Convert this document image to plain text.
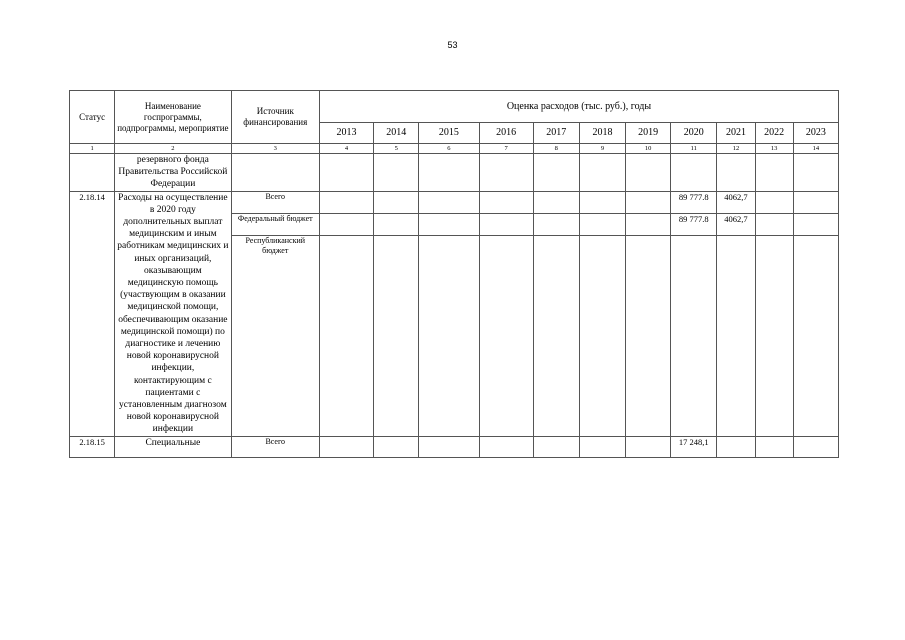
53
Статус	Наименование госпрограммы, подпрограммы, мероприятие	Источник финансирования	Оценка расходов (тыс. руб.), годы										
			2013	2014	2015	2016	2017	2018	2019	2020	2021	2022	2023
1	2	3	4	5	6	7	8	9	10	11	12	13	14
	резервного фонда Правительства Российской Федерации												
2.18.14	Расходы на осуществление в 2020 году дополнительных выплат медицинским и иным работникам медицинских и иных организаций, оказывающим медицинскую помощь (участвующим в оказании медицинской помощи, обеспечивающим оказание медицинской помощи) по диагностике и лечению новой коронавирусной инфекции, контактирующим с пациентами с установленным диагнозом новой коронавирусной инфекции	Всего								89 777.8	4062,7		
		Федеральный бюджет								89 777.8	4062,7		
		Республиканский бюджет											
2.18.15	Специальные	Всего								17 248,1			
